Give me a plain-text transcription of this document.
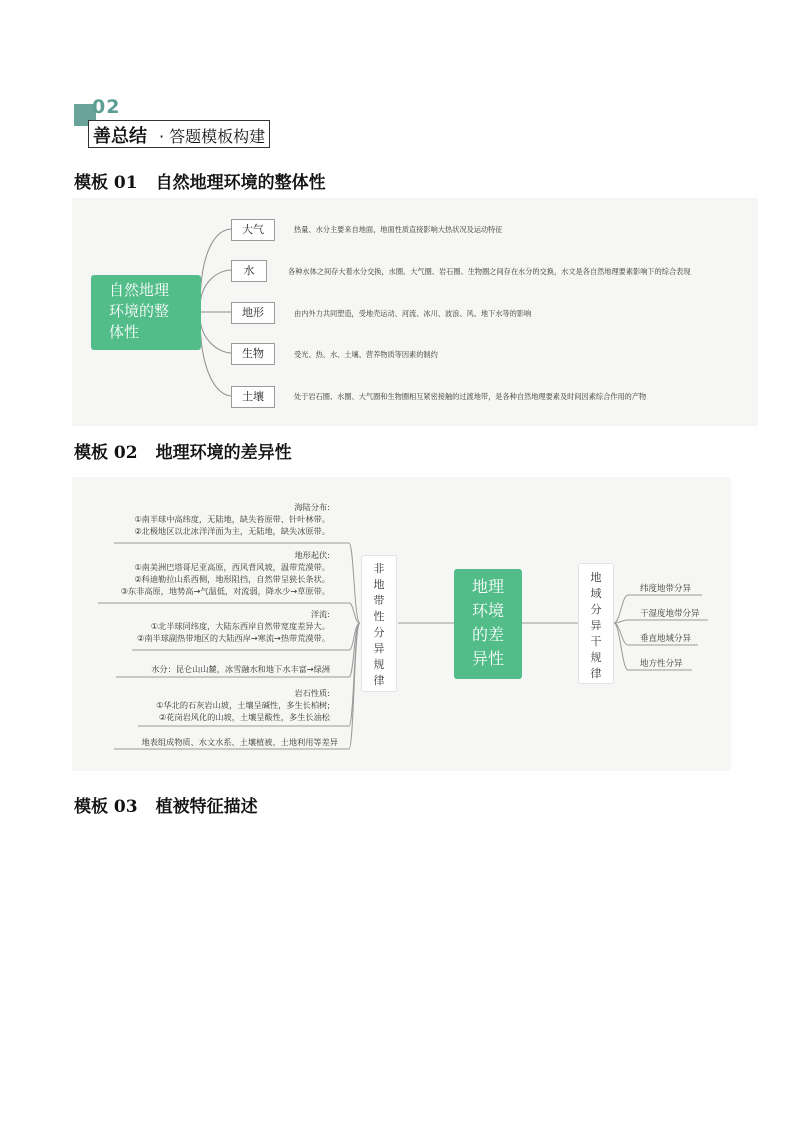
02
善总结 · 答题模板构建
模板 01 自然地理环境的整体性
自然地理
环境的整
体性
大气	热量、水分主要来自地面，地面性质直接影响大热状况及运动特征
水	各种水体之间存大着水分交换，水圈、大气圈、岩石圈、生物圈之间存在水分的交换，水文是各自然地理要素影响下的综合表现
地形	由内外力共同塑造，受地壳运动、河流、冰川、波浪、风、地下水等的影响
生物	受光、热、水、土壤、营养物质等因素的制约
土壤	处于岩石圈、水圈、大气圈和生物圈相互紧密接触的过渡地带，是各种自然地理要素及时间因素综合作用的产物
模板 02 地理环境的差异性
海陆分布:
①南半球中高纬度，无陆地，缺失苔原带、针叶林带。
②北极地区以北冰洋洋面为主，无陆地，缺失冰原带。
地形起伏:
①南美洲巴塔哥尼亚高原，西风背风坡，温带荒漠带。
②科迪勒拉山系西侧，地形阻挡，自然带呈狭长条状。
③东非高原，地势高→气温低，对流弱，降水少→草原带。
洋流:
①北半球同纬度，大陆东西岸自然带宽度差异大。
②南半球副热带地区的大陆西岸→寒流→热带荒漠带。
水分：昆仑山山麓，冰雪融水和地下水丰富→绿洲
岩石性质:
①华北的石灰岩山坡，土壤呈碱性，多生长柏树;
②花岗岩风化的山坡，土壤呈酸性，多生长油松
地表组成物质、水文水系、土壤植被、土地利用等差异
非
地
带
性
分
异
规
律
地理
环境
的差
异性
地
域
分
异
干
规
律
纬度地带分异
干湿度地带分异
垂直地域分异
地方性分异
模板 03 植被特征描述
